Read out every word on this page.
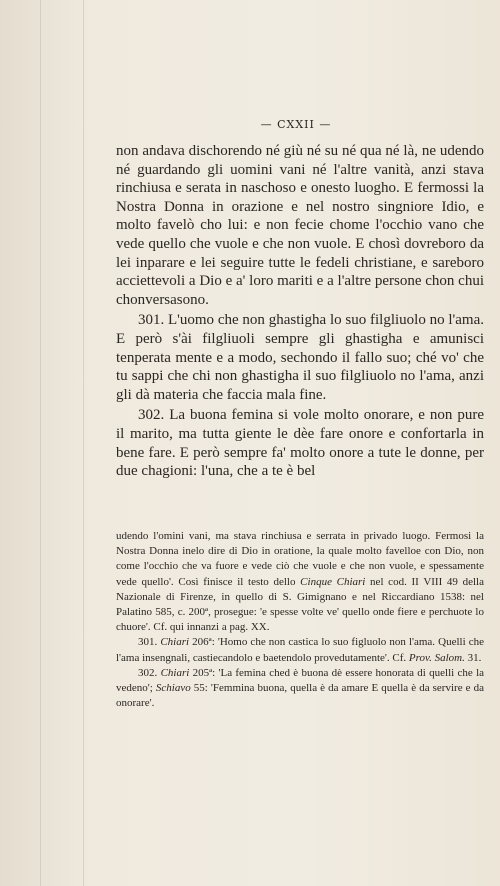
— CXXII —

non andava dischorendo né giù né su né qua né là, ne udendo né guardando gli uomini vani né l'altre vanità, anzi stava rinchiusa e serata in naschoso e onesto luogho. E fermossi la Nostra Donna in orazione e nel nostro singniore Idio, e molto favelò cho lui: e non fecie chome l'occhio vano che vede quello che vuole e che non vuole. E chosì dovreboro da lei inparare e lei seguire tutte le fedeli christiane, e sareboro acciettevoli a Dio e a' loro mariti e a l'altre persone chon chui chonversasono.

301. L'uomo che non ghastigha lo suo filgliuolo no l'ama. E però s'ài filgliuoli sempre gli ghastigha e amunisci tenperata mente e a modo, sechondo il fallo suo; ché vo' che tu sappi che chi non ghastigha il suo filgliuolo no l'ama, anzi gli dà materia che faccia mala fine.

302. La buona femina si vole molto onorare, e non pure il marito, ma tutta giente le dèe fare onore e confortarla in bene fare. E però sempre fa' molto onore a tute le donne, per due chagioni: l'una, che a te è bel

udendo l'omini vani, ma stava rinchiusa e serrata in privado luogo. Fermosi la Nostra Donna inelo dire di Dio in oratione, la quale molto favelloe con Dio, non come l'occhio che va fuore e vede ciò che vuole e che non vuole, e spessamente vede quello'. Così finisce il testo dello Cinque Chiari nel cod. II VIII 49 della Nazionale di Firenze, in quello di S. Gimignano e nel Riccardiano 1538: nel Palatino 585, c. 200ª, prosegue: 'e spesse volte ve' quello onde fiere e perchuote lo chuore'. Cf. qui innanzi a pag. XX.

301. Chiari 206ª: 'Homo che non castica lo suo figluolo non l'ama. Quelli che l'ama insengnali, castiecandolo e baetendolo provedutamente'. Cf. Prov. Salom. 31.

302. Chiari 205ª: 'La femina ched è buona dè essere honorata di quelli che la vedeno'; Schiavo 55: 'Femmina buona, quella è da amare E quella è da servire e da onorare'.
